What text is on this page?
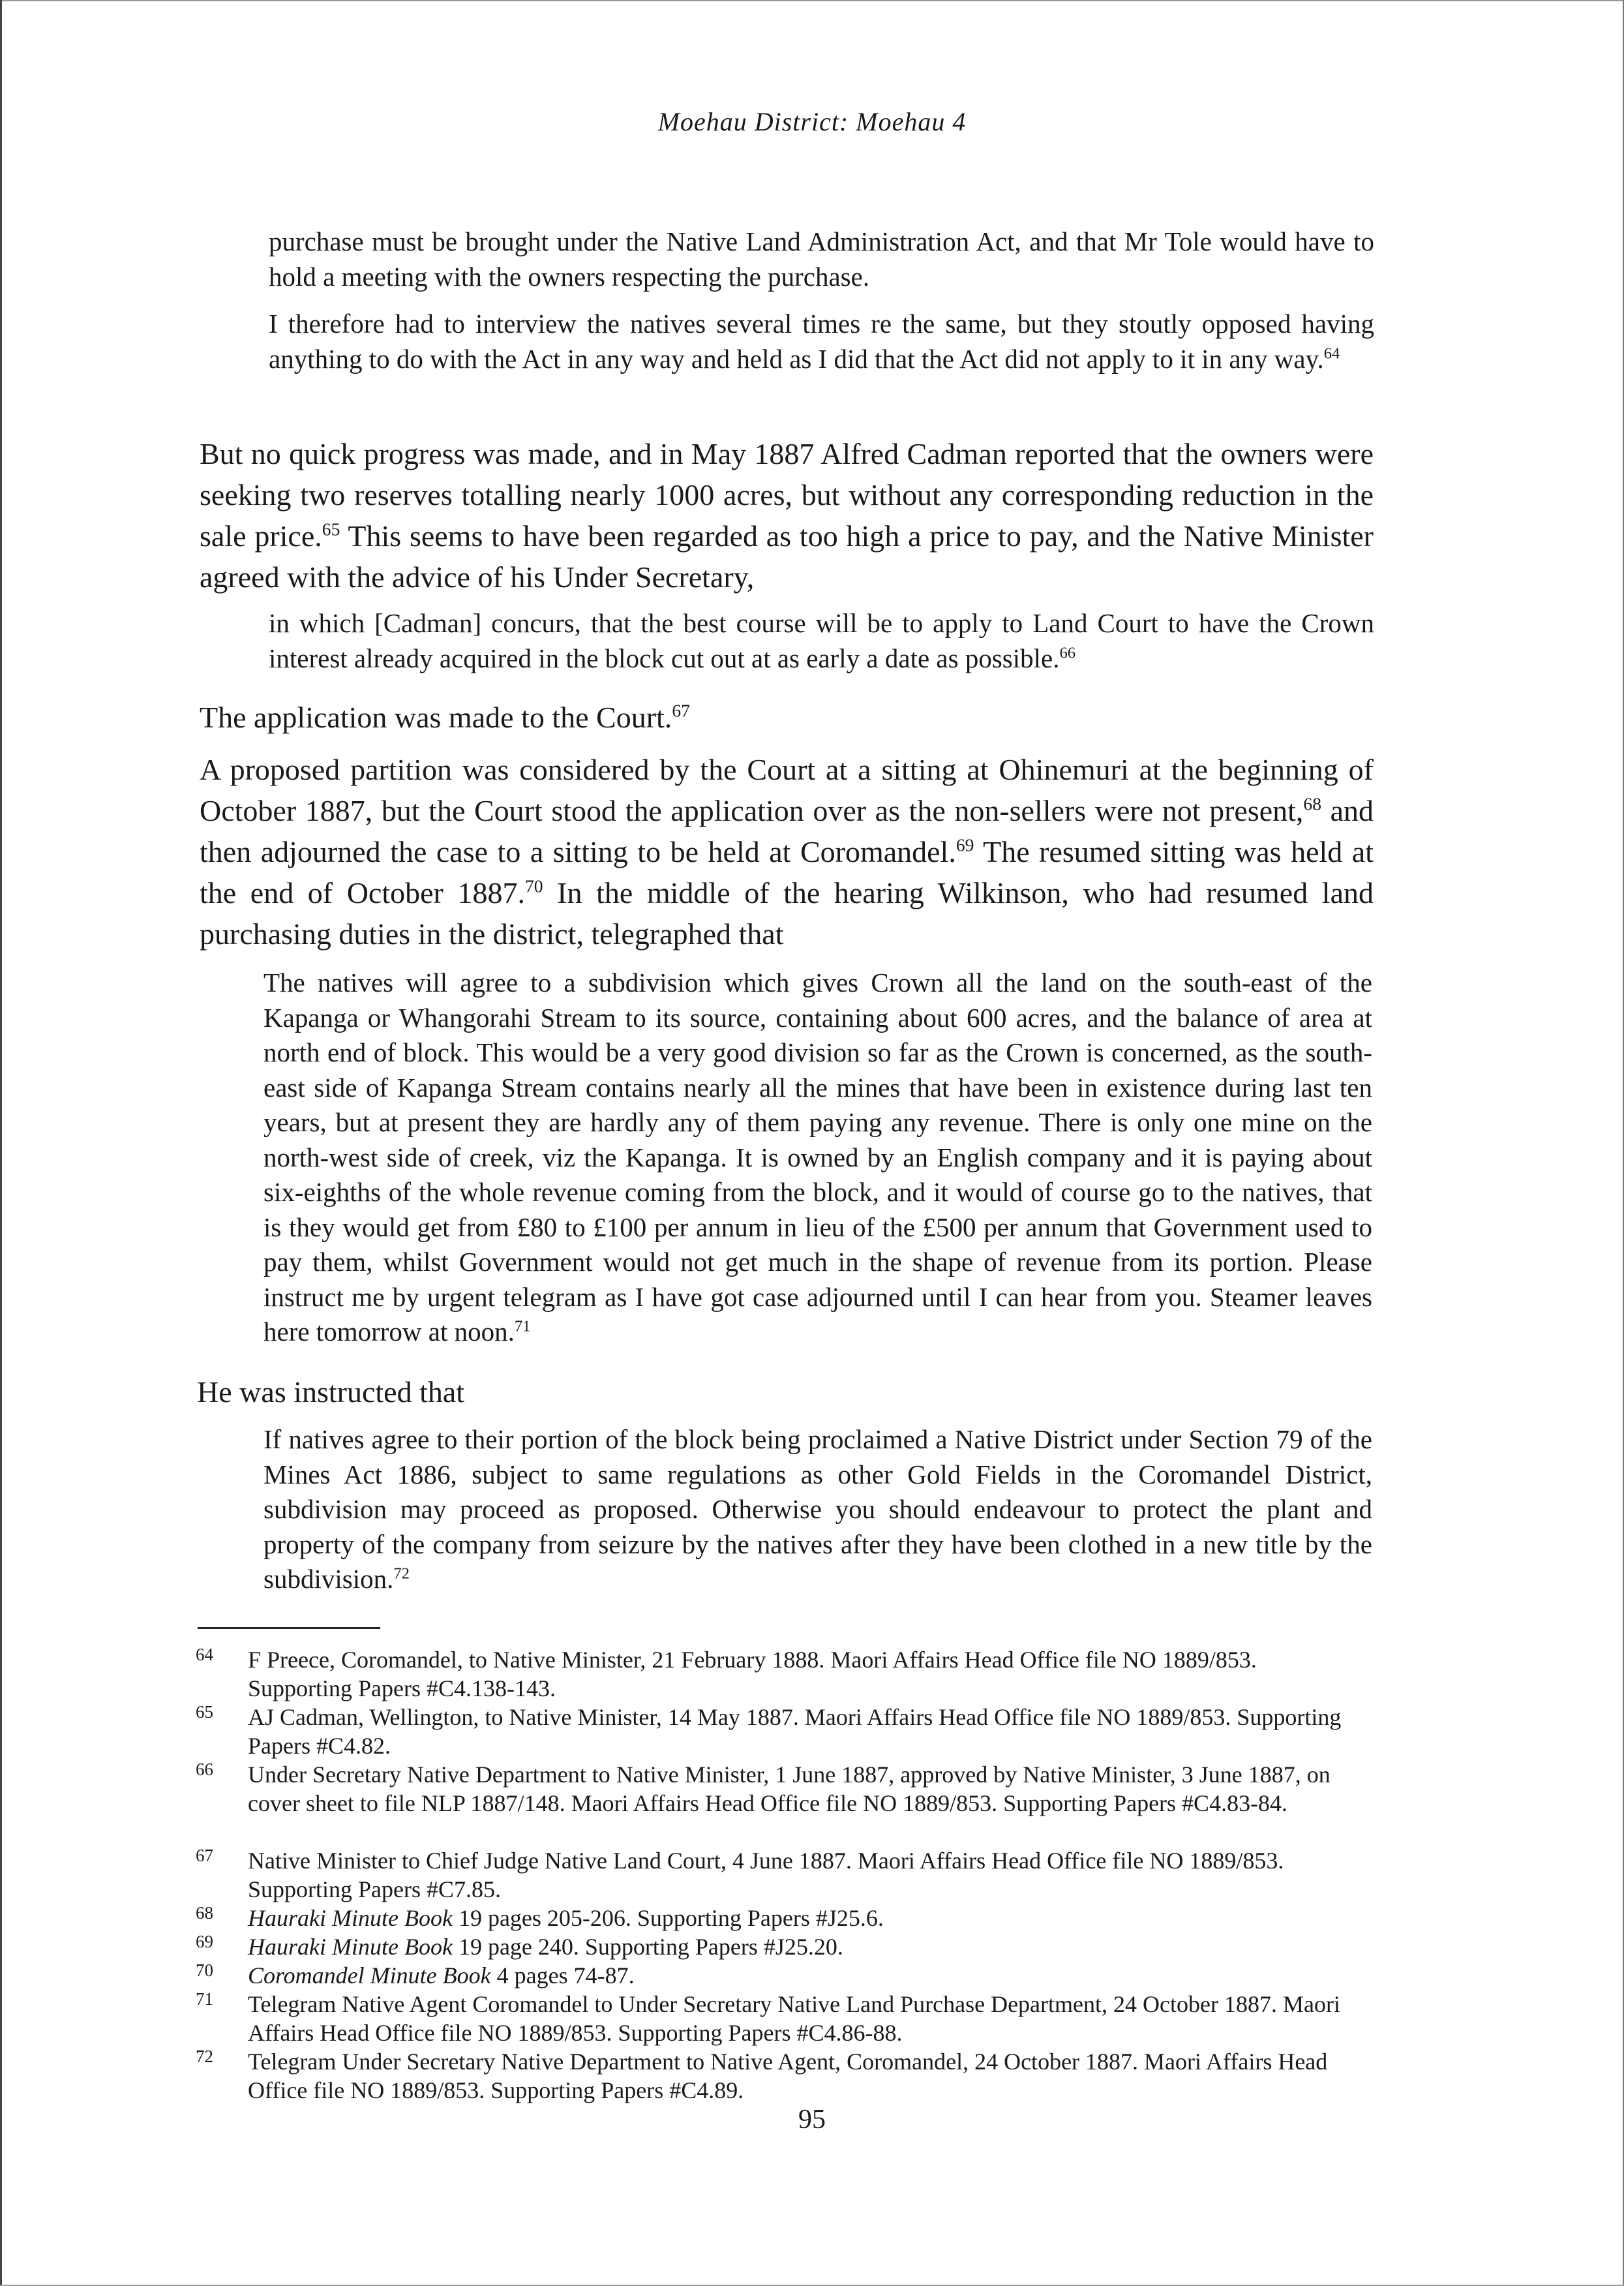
Moehau District: Moehau 4

purchase must be brought under the Native Land Administration Act, and that Mr Tole would have to hold a meeting with the owners respecting the purchase.

I therefore had to interview the natives several times re the same, but they stoutly opposed having anything to do with the Act in any way and held as I did that the Act did not apply to it in any way.$^{64}$

But no quick progress was made, and in May 1887 Alfred Cadman reported that the owners were seeking two reserves totalling nearly 1000 acres, but without any corresponding reduction in the sale price.$^{65}$ This seems to have been regarded as too high a price to pay, and the Native Minister agreed with the advice of his Under Secretary,

in which [Cadman] concurs, that the best course will be to apply to Land Court to have the Crown interest already acquired in the block cut out at as early a date as possible.$^{66}$

The application was made to the Court.$^{67}$

A proposed partition was considered by the Court at a sitting at Ohinemuri at the beginning of October 1887, but the Court stood the application over as the non-sellers were not present,$^{68}$ and then adjourned the case to a sitting to be held at Coromandel.$^{69}$ The resumed sitting was held at the end of October 1887.70 In the middle of the hearing Wilkinson, who had resumed land purchasing duties in the district, telegraphed that

The natives will agree to a subdivision which gives Crown all the land on the south-east of the Kapanga or Whangorahi Stream to its source, containing about 600 acres, and the balance of area at north end of block. This would be a very good division so far as the Crown is concerned, as the south-east side of Kapanga Stream contains nearly all the mines that have been in existence during last ten years, but at present they are hardly any of them paying any revenue. There is only one mine on the north-west side of creek, viz the Kapanga. It is owned by an English company and it is paying about six-eighths of the whole revenue coming from the block, and it would of course go to the natives, that is they would get from £80 to £100 per annum in lieu of the £500 per annum that Government used to pay them, whilst Government would not get much in the shape of revenue from its portion. Please instruct me by urgent telegram as I have got case adjourned until I can hear from you. Steamer leaves here tomorrow at noon.$^{71}$

He was instructed that

If natives agree to their portion of the block being proclaimed a Native District under Section 79 of the Mines Act 1886, subject to same regulations as other Gold Fields in the Coromandel District, subdivision may proceed as proposed. Otherwise you should endeavour to protect the plant and property of the company from seizure by the natives after they have been clothed in a new title by the subdivision.$^{72}$

64 F Preece, Coromandel, to Native Minister, 21 February 1888. Maori Affairs Head Office file NO 1889/853. Supporting Papers #C4.138-143.
65 AJ Cadman, Wellington, to Native Minister, 14 May 1887. Maori Affairs Head Office file NO 1889/853. Supporting Papers #C4.82.
66 Under Secretary Native Department to Native Minister, 1 June 1887, approved by Native Minister, 3 June 1887, on cover sheet to file NLP 1887/148. Maori Affairs Head Office file NO 1889/853. Supporting Papers #C4.83-84.
67 Native Minister to Chief Judge Native Land Court, 4 June 1887. Maori Affairs Head Office file NO 1889/853. Supporting Papers #C7.85.
68 Hauraki Minute Book 19 pages 205-206. Supporting Papers #J25.6.
69 Hauraki Minute Book 19 page 240. Supporting Papers #J25.20.
70 Coromandel Minute Book 4 pages 74-87.
71 Telegram Native Agent Coromandel to Under Secretary Native Land Purchase Department, 24 October 1887. Maori Affairs Head Office file NO 1889/853. Supporting Papers #C4.86-88.
72 Telegram Under Secretary Native Department to Native Agent, Coromandel, 24 October 1887. Maori Affairs Head Office file NO 1889/853. Supporting Papers #C4.89.
95
